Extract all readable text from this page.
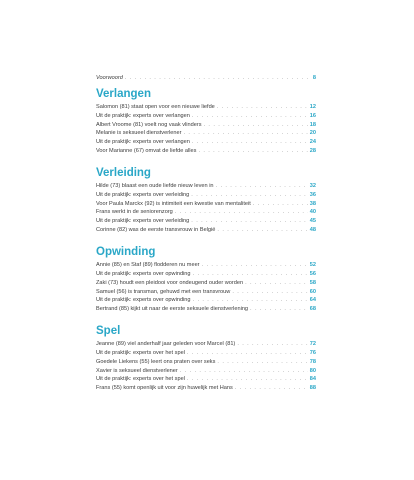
Voorwoord . . .	8
Verlangen
Salomon (81) staat open voor een nieuwe liefde . . .	12
Uit de praktijk: experts over verlangen . . .	16
Albert Vroome (81) voelt nog vaak vlinders . . .	18
Melanie is seksueel dienstverlener . . .	20
Uit de praktijk: experts over verlangen . . .	24
Voor Marianne (67) omvat de liefde alles . . .	28
Verleiding
Hilde (73) blaast een oude liefde nieuw leven in . . .	32
Uit de praktijk: experts over verleiding . . .	36
Voor Paula Marckx (92) is intimiteit een kwestie van mentaliteit . . .	38
Frans werkt in de seniorenzorg . . .	40
Uit de praktijk: experts over verleiding . . .	45
Corinne (82) was de eerste transvrouw in België . . .	48
Opwinding
Annie (85) en Staf (89) flodderen nu meer . . .	52
Uit de praktijk: experts over opwinding . . .	56
Zaki (73) houdt een pleidooi voor ondeugend ouder worden . . .	58
Samuel (56) is transman, gehuwd met een transvrouw . . .	60
Uit de praktijk: experts over opwinding . . .	64
Bertrand (85) kijkt uit naar de eerste seksuele dienstverlening . . .	68
Spel
Jeanne (89) viel anderhalf jaar geleden voor Marcel (81) . . .	72
Uit de praktijk: experts over het spel . . .	76
Goedele Liekens (55) leert ons praten over seks . . .	78
Xavier is seksueel dienstverlener . . .	80
Uit de praktijk: experts over het spel . . .	84
Frans (55) komt openlijk uit voor zijn huwelijk met Hans . . .	88
